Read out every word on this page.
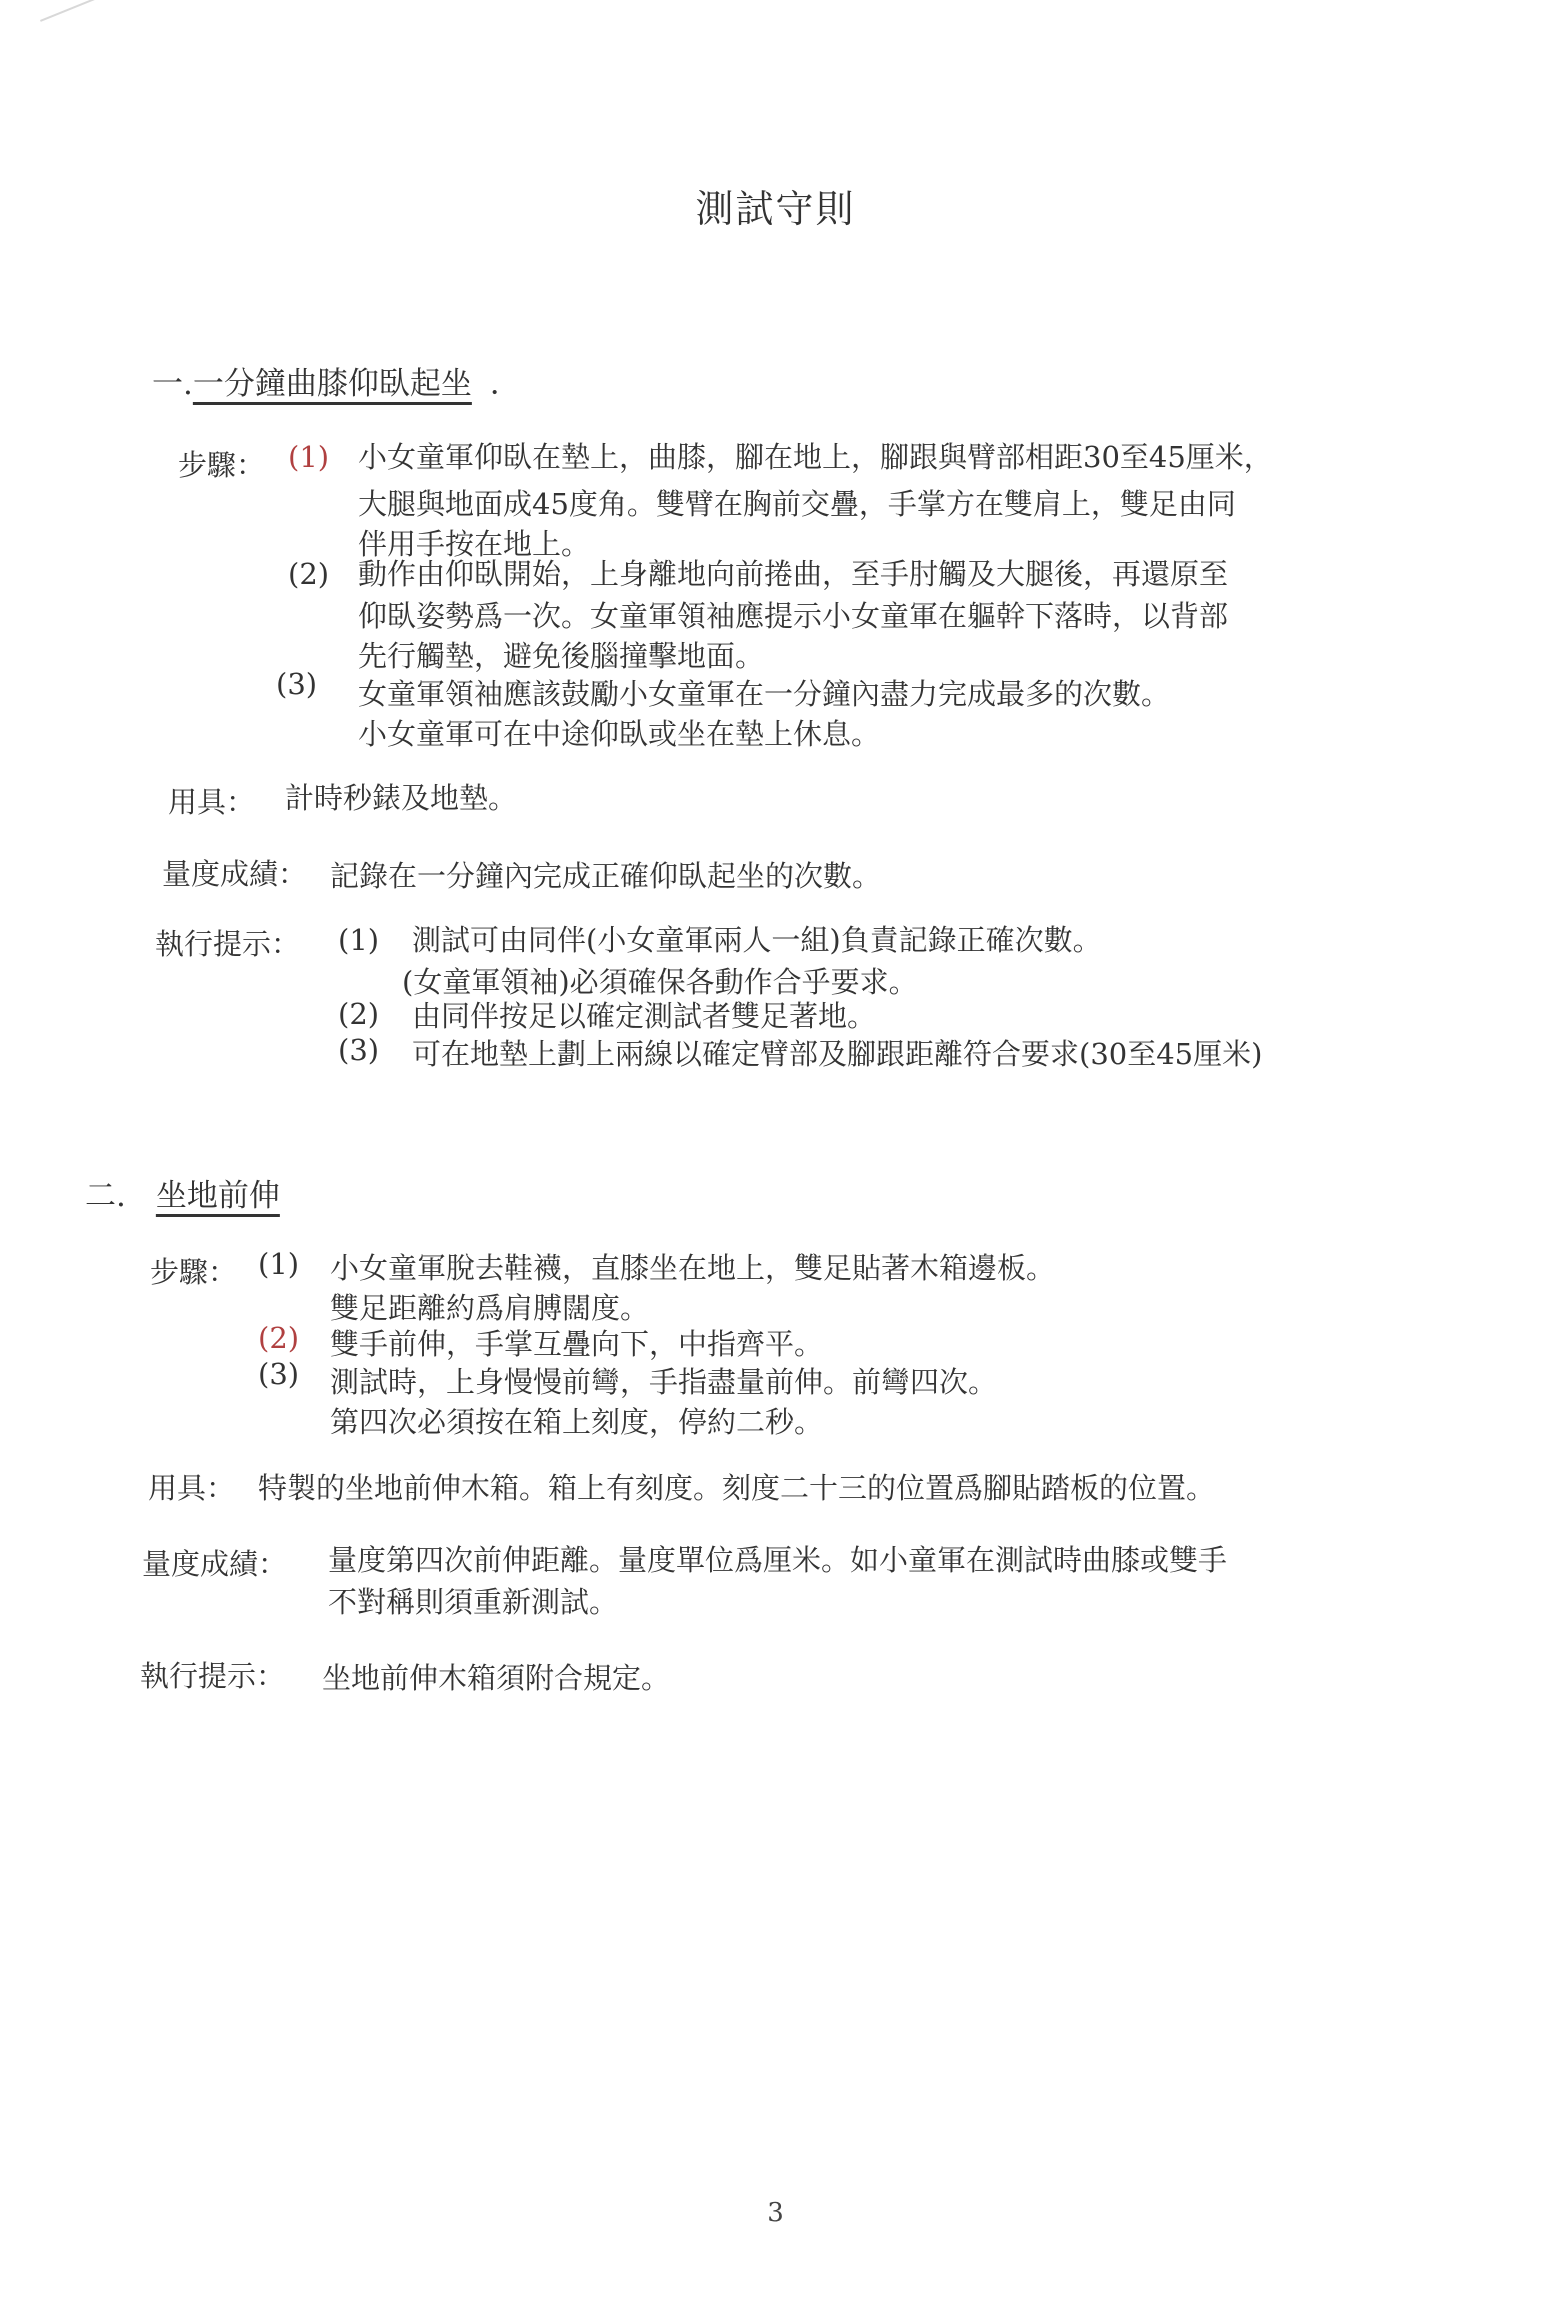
測試守則
一.一分鐘曲膝仰臥起坐 ．
步驟： (1) 小女童軍仰臥在墊上，曲膝，腳在地上，腳跟與臂部相距30至45厘米，
大腿與地面成45度角。雙臂在胸前交疊，手掌方在雙肩上，雙足由同
伴用手按在地上。
(2) 動作由仰臥開始，上身離地向前捲曲，至手肘觸及大腿後，再還原至
仰臥姿勢爲一次。女童軍領袖應提示小女童軍在軀幹下落時，以背部
先行觸墊，避免後腦撞擊地面。
(3) 女童軍領袖應該鼓勵小女童軍在一分鐘內盡力完成最多的次數。
小女童軍可在中途仰臥或坐在墊上休息。
用具： 計時秒錶及地墊。
量度成績： 記錄在一分鐘內完成正確仰臥起坐的次數。
執行提示： (1) 測試可由同伴(小女童軍兩人一組)負責記錄正確次數。
(女童軍領袖)必須確保各動作合乎要求。
(2) 由同伴按足以確定測試者雙足著地。
(3) 可在地墊上劃上兩線以確定臂部及腳跟距離符合要求(30至45厘米)
二. 坐地前伸
步驟： (1) 小女童軍脫去鞋襪，直膝坐在地上，雙足貼著木箱邊板。
雙足距離約爲肩膊闊度。
(2) 雙手前伸，手掌互疊向下，中指齊平。
(3) 測試時，上身慢慢前彎，手指盡量前伸。前彎四次。
第四次必須按在箱上刻度，停約二秒。
用具： 特製的坐地前伸木箱。箱上有刻度。刻度二十三的位置爲腳貼踏板的位置。
量度成績： 量度第四次前伸距離。量度單位爲厘米。如小童軍在測試時曲膝或雙手
不對稱則須重新測試。
執行提示： 坐地前伸木箱須附合規定。
3
